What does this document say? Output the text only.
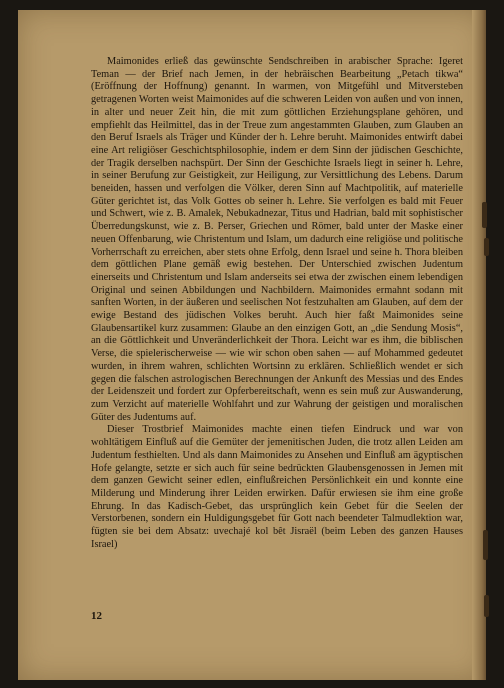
Maimonides erließ das gewünschte Sendschreiben in arabischer Sprache: Igeret Teman — der Brief nach Jemen, in der hebräischen Bearbeitung „Petach tikwa“ (Eröffnung der Hoffnung) genannt. In warmen, von Mitgefühl und Mitversteben getragenen Worten weist Maimonides auf die schweren Leiden von außen und von innen, in alter und neuer Zeit hin, die mit zum göttlichen Erziehungsplane gehören, und empfiehlt das Heilmittel, das in der Treue zum angestammten Glauben, zum Glauben an den Beruf Israels als Träger und Künder der h. Lehre beruht. Maimonides entwirft dabei eine Art religiöser Geschichtsphilosophie, indem er dem Sinn der jüdischen Geschichte, der Tragik derselben nachspürt. Der Sinn der Geschichte Israels liegt in seiner h. Lehre, in seiner Berufung zur Geistigkeit, zur Heiligung, zur Versittlichung des Lebens. Darum beneiden, hassen und verfolgen die Völker, deren Sinn auf Machtpolitik, auf materielle Güter gerichtet ist, das Volk Gottes ob seiner h. Lehre. Sie verfolgen es bald mit Feuer und Schwert, wie z. B. Amalek, Nebukadnezar, Titus und Hadrian, bald mit sophistischer Überredungskunst, wie z. B. Perser, Griechen und Römer, bald unter der Maske einer neuen Offenbarung, wie Christentum und Islam, um dadurch eine religiöse und politische Vorherrschaft zu erreichen, aber stets ohne Erfolg, denn Israel und seine h. Thora bleiben dem göttlichen Plane gemäß ewig bestehen. Der Unterschied zwischen Judentum einerseits und Christentum und Islam anderseits sei etwa der zwischen einem lebendigen Original und seinen Abbildungen und Nachbildern. Maimonides ermahnt sodann mit sanften Worten, in der äußeren und seelischen Not festzuhalten am Glauben, auf dem der ewige Bestand des jüdischen Volkes beruht. Auch hier faßt Maimonides seine Glaubensartikel kurz zusammen: Glaube an den einzigen Gott, an „die Sendung Mosis“, an die Göttlichkeit und Unveränderlichkeit der Thora. Leicht war es ihm, die biblischen Verse, die spielerischerweise — wie wir schon oben sahen — auf Mohammed gedeutet wurden, in ihrem wahren, schlichten Wortsinn zu erklären. Schließlich wendet er sich gegen die falschen astrologischen Berechnungen der Ankunft des Messias und des Endes der Leidenszeit und fordert zur Opferbereitschaft, wenn es sein muß zur Auswanderung, zum Verzicht auf materielle Wohlfahrt und zur Wahrung der geistigen und moralischen Güter des Judentums auf.

Dieser Trostbrief Maimonides machte einen tiefen Eindruck und war von wohltätigem Einfluß auf die Gemüter der jemenitischen Juden, die trotz allen Leiden am Judentum festhielten. Und als dann Maimonides zu Ansehen und Einfluß am ägyptischen Hofe gelangte, setzte er sich auch für seine bedrückten Glaubensgenossen in Jemen mit dem ganzen Gewicht seiner edlen, einflußreichen Persönlichkeit ein und konnte eine Milderung und Minderung ihrer Leiden erwirken. Dafür erwiesen sie ihm eine große Ehrung. In das Kadisch-Gebet, das ursprünglich kein Gebet für die Seelen der Verstorbenen, sondern ein Huldigungsgebet für Gott nach beendeter Talmudlektion war, fügten sie bei dem Absatz: uvechajé kol bêt Jisraël (beim Leben des ganzen Hauses Israel)

12
